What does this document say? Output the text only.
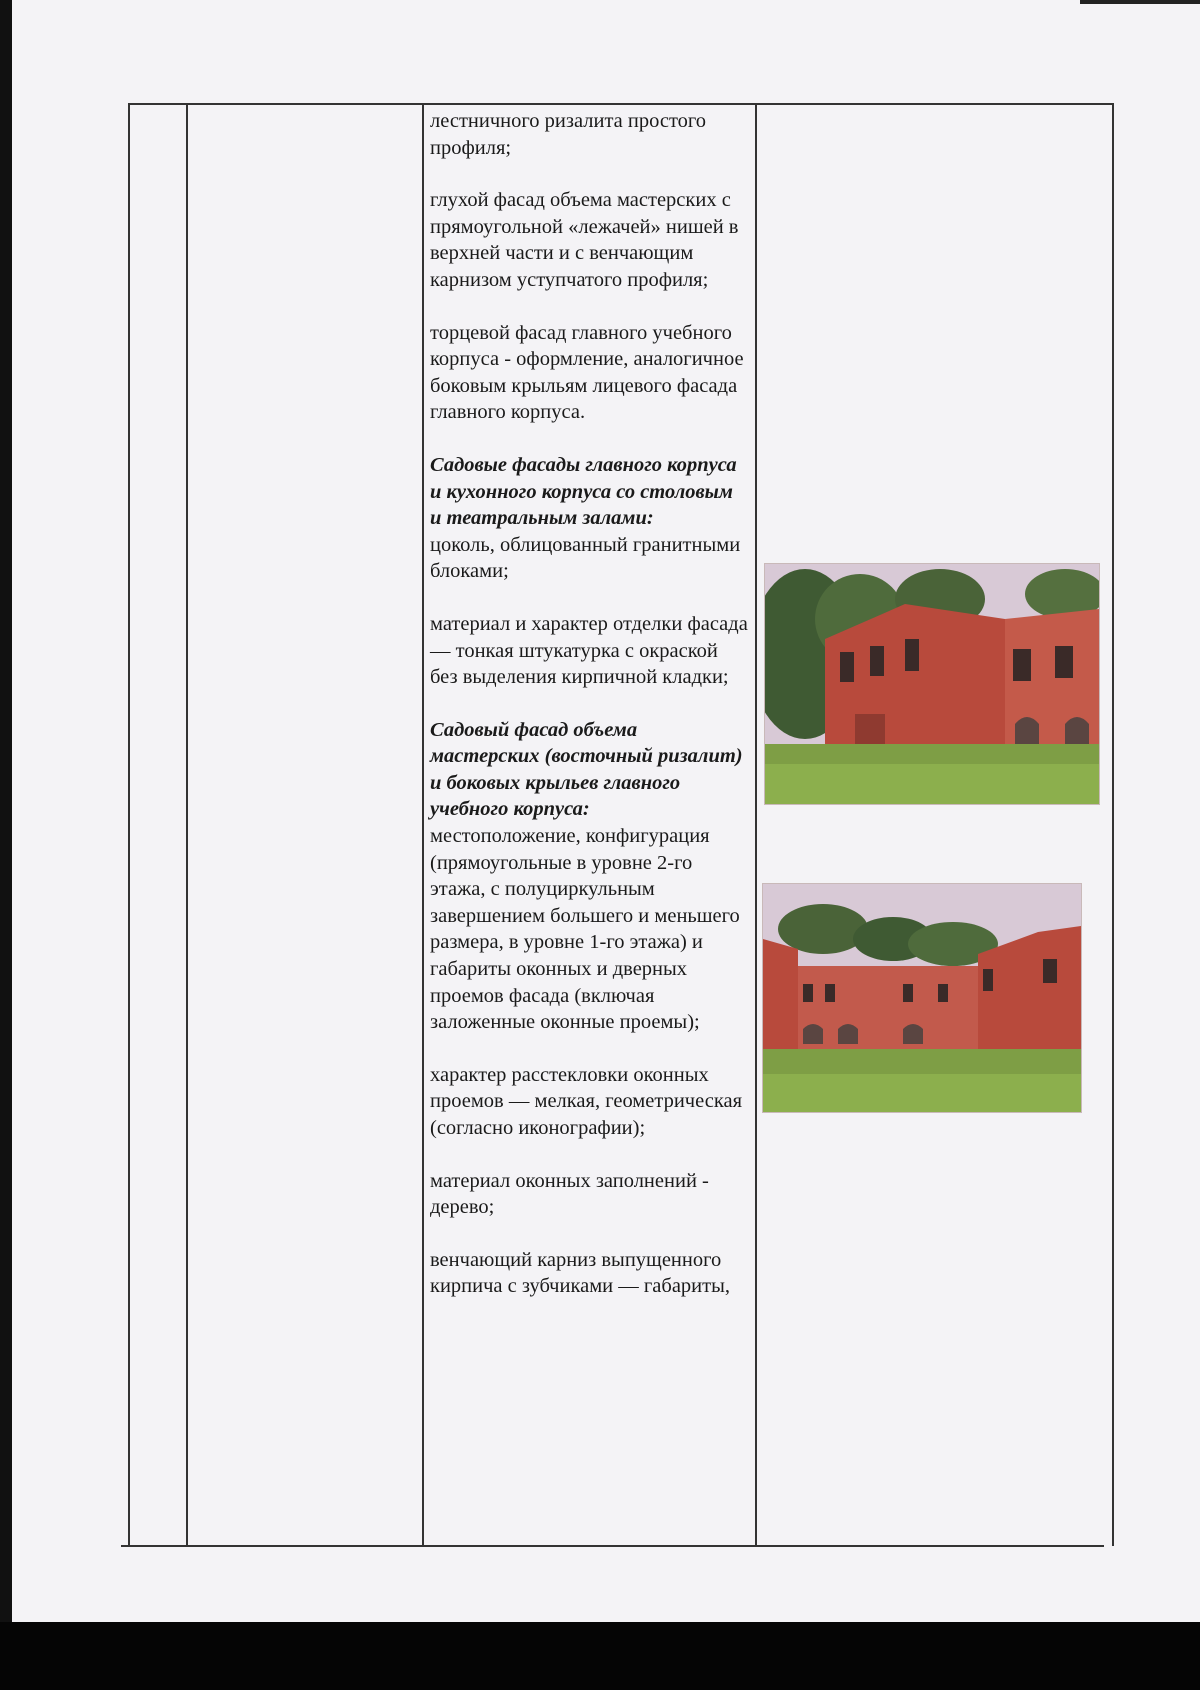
лестничного ризалита простого профиля;

глухой фасад объема мастерских с прямоугольной «лежачей» нишей в верхней части и с венчающим карнизом уступчатого профиля;

торцевой фасад главного учебного корпуса - оформление, аналогичное боковым крыльям лицевого фасада главного корпуса.

Садовые фасады главного корпуса и кухонного корпуса со столовым и театральным залами:
цоколь, облицованный гранитными блоками;

материал и характер отделки фасада — тонкая штукатурка с окраской без выделения кирпичной кладки;

Садовый фасад объема мастерских (восточный ризалит) и боковых крыльев главного учебного корпуса:
местоположение, конфигурация (прямоугольные в уровне 2-го этажа, с полуциркульным завершением большего и меньшего размера, в уровне 1-го этажа) и габариты оконных и дверных проемов фасада (включая заложенные оконные проемы);

характер расстекловки оконных проемов — мелкая, геометрическая (согласно иконографии);

материал оконных заполнений - дерево;

венчающий карниз выпущенного кирпича с зубчиками — габариты,
